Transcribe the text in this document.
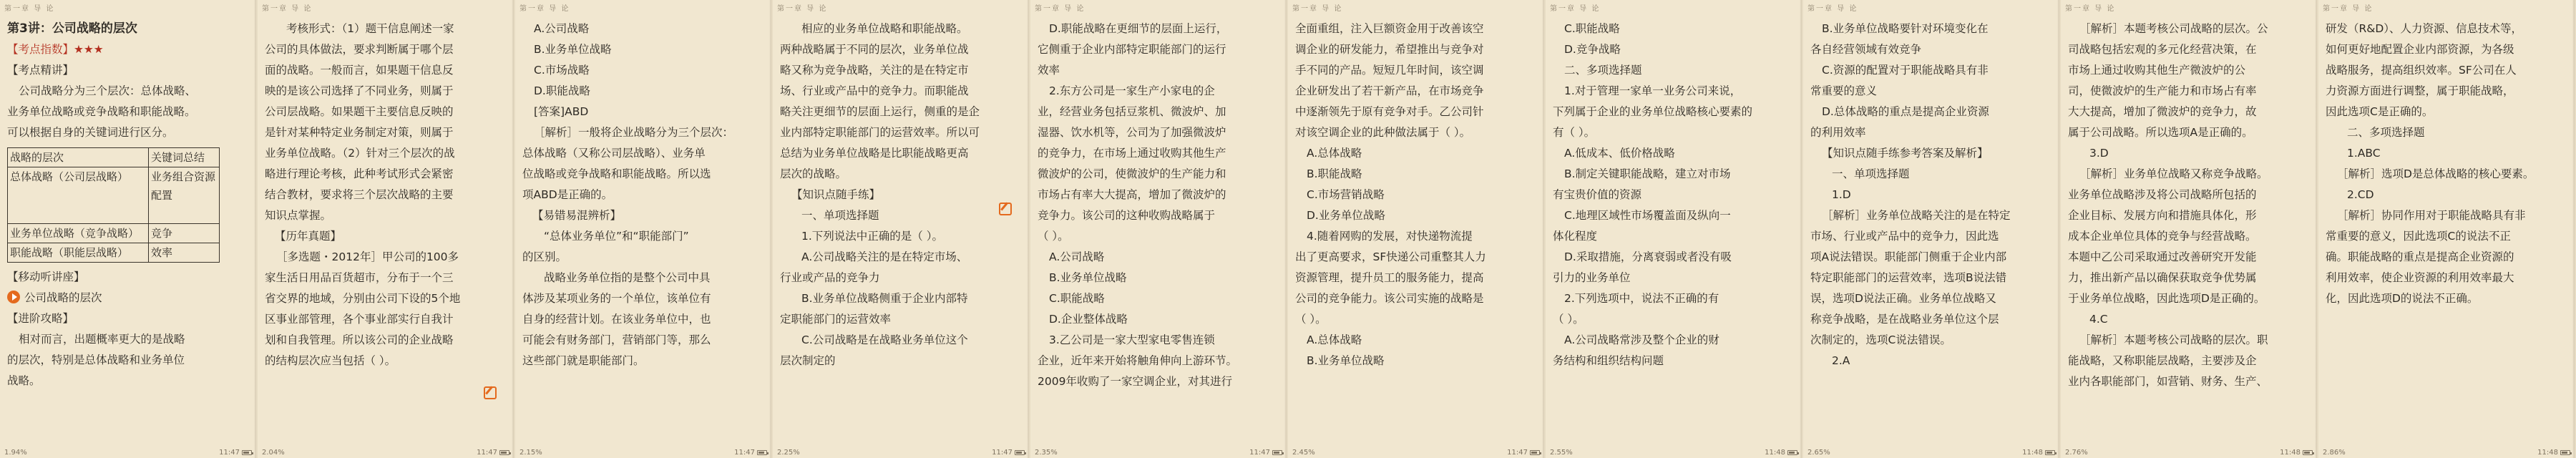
第一章 导 论
第3讲：公司战略的层次
【考点指数】★★★
【考点精讲】
公司战略分为三个层次：总体战略、
业务单位战略或竞争战略和职能战略。
可以根据自身的关键词进行区分。
战略的层次	关键词总结
总体战略（公司层战略）	业务组合资源配置
业务单位战略（竞争战略）	竞争
职能战略（职能层战略）	效率
【移动听讲座】
公司战略的层次
【进阶攻略】
相对而言，出题概率更大的是战略
的层次，特别是总体战略和业务单位
战略。
1.94%	11:47
第一章 导 论
考核形式：（1）题干信息阐述一家
公司的具体做法，要求判断属于哪个层
面的战略。一般而言，如果题干信息反
映的是该公司选择了不同业务，则属于
公司层战略。如果题干主要信息反映的
是针对某种特定业务制定对策，则属于
业务单位战略。（2）针对三个层次的战
略进行理论考核，此种考试形式会紧密
结合教材，要求将三个层次战略的主要
知识点掌握。
【历年真题】
［多选题・2012年］甲公司的100多
家生活日用品百货超市，分布于一个三
省交界的地域，分别由公司下设的5个地
区事业部管理，各个事业部实行自我计
划和自我管理。所以该公司的企业战略
的结构层次应当包括（ ）。
2.04%	11:47
第一章 导 论
A.公司战略
B.业务单位战略
C.市场战略
D.职能战略
[答案]ABD
［解析］一般将企业战略分为三个层次：
总体战略（又称公司层战略）、业务单
位战略或竞争战略和职能战略。所以选
项ABD是正确的。
【易错易混辨析】
“总体业务单位”和“职能部门”
的区别。
战略业务单位指的是整个公司中具
体涉及某项业务的一个单位，该单位有
自身的经营计划。在该业务单位中，也
可能会有财务部门，营销部门等，那么
这些部门就是职能部门。
2.15%	11:47
第一章 导 论
相应的业务单位战略和职能战略。
两种战略属于不同的层次，业务单位战
略又称为竞争战略，关注的是在特定市
场、行业或产品中的竞争力。而职能战
略关注更细节的层面上运行，侧重的是企
业内部特定职能部门的运营效率。所以可
总结为业务单位战略是比职能战略更高
层次的战略。
【知识点随手练】
一、单项选择题
1.下列说法中正确的是（ ）。
A.公司战略关注的是在特定市场、
行业或产品的竞争力
B.业务单位战略侧重于企业内部特
定职能部门的运营效率
C.公司战略是在战略业务单位这个
层次制定的
2.25%	11:47
第一章 导 论
D.职能战略在更细节的层面上运行，
它侧重于企业内部特定职能部门的运行
效率
2.东方公司是一家生产小家电的企
业，经营业务包括豆浆机、微波炉、加
湿器、饮水机等，公司为了加强微波炉
的竞争力，在市场上通过收购其他生产
微波炉的公司，使微波炉的生产能力和
市场占有率大大提高，增加了微波炉的
竞争力。该公司的这种收购战略属于
（ ）。
A.公司战略
B.业务单位战略
C.职能战略
D.企业整体战略
3.乙公司是一家大型家电零售连锁
企业，近年来开始将触角伸向上游环节。
2009年收购了一家空调企业，对其进行
2.35%	11:47
第一章 导 论
全面重组，注入巨额资金用于改善该空
调企业的研发能力，希望推出与竞争对
手不同的产品。短短几年时间，该空调
企业研发出了若干新产品，在市场竞争
中逐渐领先于原有竞争对手。乙公司针
对该空调企业的此种做法属于（ ）。
A.总体战略
B.职能战略
C.市场营销战略
D.业务单位战略
4.随着网购的发展，对快递物流提
出了更高要求，SF快递公司重整其人力
资源管理，提升员工的服务能力，提高
公司的竞争能力。该公司实施的战略是
（ ）。
A.总体战略
B.业务单位战略
2.45%	11:47
第一章 导 论
C.职能战略
D.竞争战略
二、多项选择题
1.对于管理一家单一业务公司来说，
下列属于企业的业务单位战略核心要素的
有（ ）。
A.低成本、低价格战略
B.制定关键职能战略，建立对市场
有宝贵价值的资源
C.地理区域性市场覆盖面及纵向一
体化程度
D.采取措施，分离衰弱或者没有吸
引力的业务单位
2.下列选项中，说法不正确的有
（ ）。
A.公司战略常涉及整个企业的财
务结构和组织结构问题
2.55%	11:48
第一章 导 论
B.业务单位战略要针对环境变化在
各自经营领域有效竞争
C.资源的配置对于职能战略具有非
常重要的意义
D.总体战略的重点是提高企业资源
的利用效率
【知识点随手练参考答案及解析】
一、单项选择题
1.D
［解析］业务单位战略关注的是在特定
市场、行业或产品中的竞争力，因此选
项A说法错误。职能部门侧重于企业内部
特定职能部门的运营效率，选项B说法错
误，选项D说法正确。业务单位战略又
称竞争战略，是在战略业务单位这个层
次制定的，选项C说法错误。
2.A
2.65%	11:48
第一章 导 论
［解析］本题考核公司战略的层次。公
司战略包括宏观的多元化经营决策，在
市场上通过收购其他生产微波炉的公
司，使微波炉的生产能力和市场占有率
大大提高，增加了微波炉的竞争力，故
属于公司战略。所以选项A是正确的。
3.D
［解析］业务单位战略又称竞争战略。
业务单位战略涉及将公司战略所包括的
企业目标、发展方向和措施具体化，形
成本企业单位具体的竞争与经营战略。
本题中乙公司采取通过改善研究开发能
力，推出新产品以确保获取竞争优势属
于业务单位战略，因此选项D是正确的。
4.C
［解析］本题考核公司战略的层次。职
能战略，又称职能层战略，主要涉及企
业内各职能部门，如营销、财务、生产、
2.76%	11:48
第一章 导 论
研发（R&D）、人力资源、信息技术等，
如何更好地配置企业内部资源，为各级
战略服务，提高组织效率。SF公司在人
力资源方面进行调整，属于职能战略，
因此选项C是正确的。
二、多项选择题
1.ABC
［解析］选项D是总体战略的核心要素。
2.CD
［解析］协同作用对于职能战略具有非
常重要的意义，因此选项C的说法不正
确。职能战略的重点是提高企业资源的
利用效率，使企业资源的利用效率最大
化，因此选项D的说法不正确。
2.86%	11:48
